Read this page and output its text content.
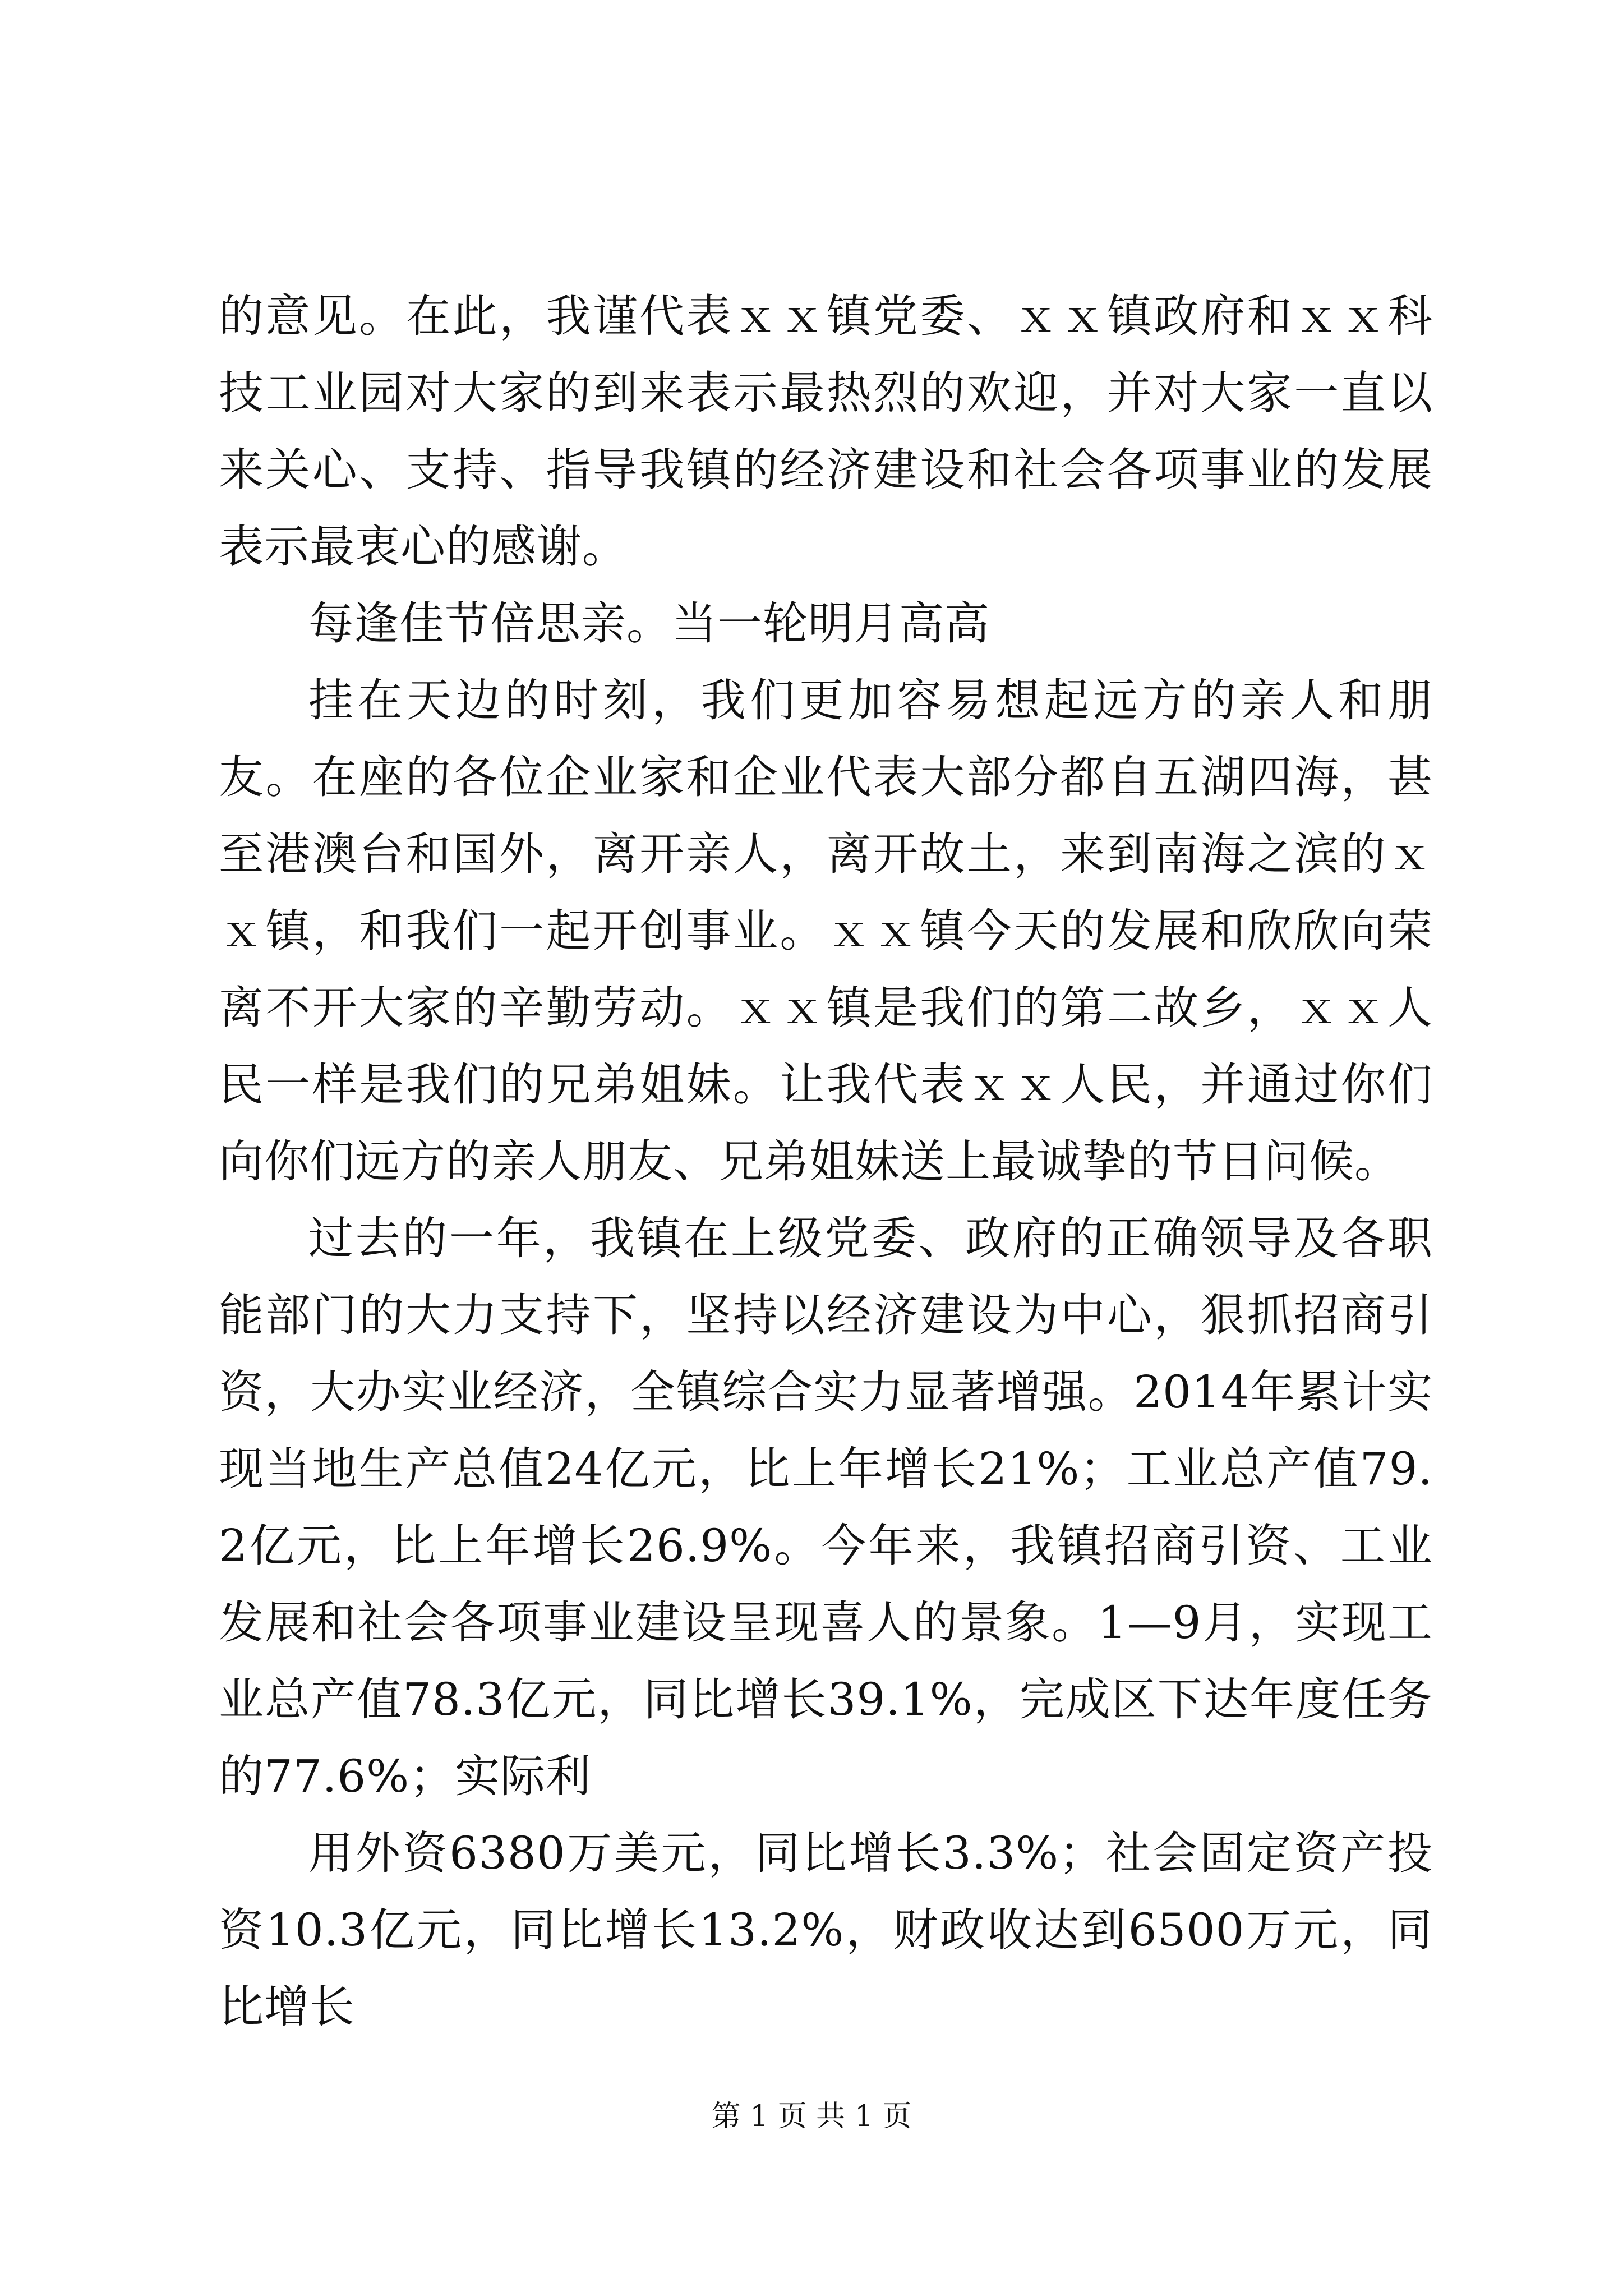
的意见。在此，我谨代表ｘｘ镇党委、ｘｘ镇政府和ｘｘ科技工业园对大家的到来表示最热烈的欢迎，并对大家一直以来关心、支持、指导我镇的经济建设和社会各项事业的发展表示最衷心的感谢。

每逢佳节倍思亲。当一轮明月高高

挂在天边的时刻，我们更加容易想起远方的亲人和朋友。在座的各位企业家和企业代表大部分都自五湖四海，甚至港澳台和国外，离开亲人，离开故土，来到南海之滨的ｘｘ镇，和我们一起开创事业。ｘｘ镇今天的发展和欣欣向荣离不开大家的辛勤劳动。ｘｘ镇是我们的第二故乡，ｘｘ人民一样是我们的兄弟姐妹。让我代表ｘｘ人民，并通过你们向你们远方的亲人朋友、兄弟姐妹送上最诚挚的节日问候。

过去的一年，我镇在上级党委、政府的正确领导及各职能部门的大力支持下，坚持以经济建设为中心，狠抓招商引资，大办实业经济，全镇综合实力显著增强。2014年累计实现当地生产总值24亿元，比上年增长21%；工业总产值79.2亿元，比上年增长26.9%。今年来，我镇招商引资、工业发展和社会各项事业建设呈现喜人的景象。1—9月，实现工业总产值78.3亿元，同比增长39.1%，完成区下达年度任务的77.6%；实际利

用外资6380万美元，同比增长3.3%；社会固定资产投资10.3亿元，同比增长13.2%，财政收达到6500万元，同比增长

第 1 页 共 1 页
